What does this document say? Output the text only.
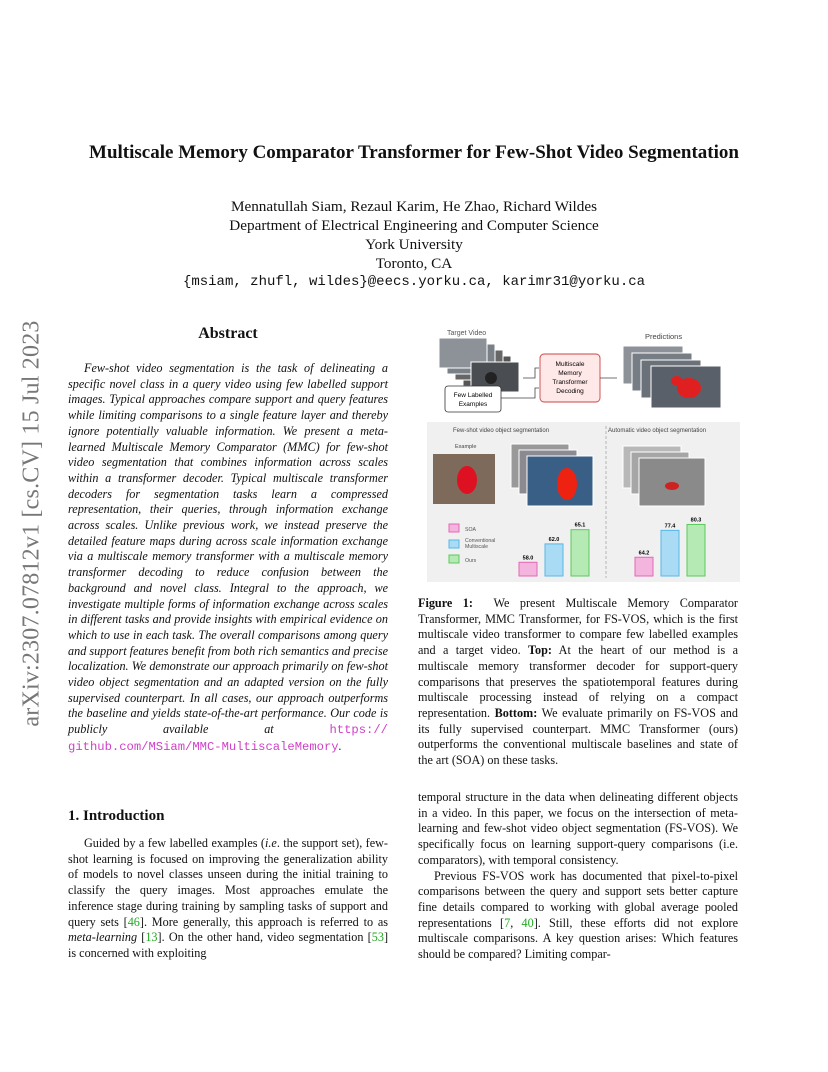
Multiscale Memory Comparator Transformer for Few-Shot Video Segmentation
Mennatullah Siam, Rezaul Karim, He Zhao, Richard Wildes
Department of Electrical Engineering and Computer Science
York University
Toronto, CA
{msiam, zhufl, wildes}@eecs.yorku.ca, karimr31@yorku.ca
arXiv:2307.07812v1 [cs.CV] 15 Jul 2023	Abstract
Few-shot video segmentation is the task of delineating a specific novel class in a query video using few labelled support images. Typical approaches compare support and query features while limiting comparisons to a single feature layer and thereby ignore potentially valuable information. We present a meta-learned Multiscale Memory Comparator (MMC) for few-shot video segmentation that combines information across scales within a transformer decoder. Typical multiscale transformer decoders for segmentation tasks learn a compressed representation, their queries, through information exchange across scales. Unlike previous work, we instead preserve the detailed feature maps during across scale information exchange via a multiscale memory transformer with a multiscale memory transformer decoding to reduce confusion between the background and novel class. Integral to the approach, we investigate multiple forms of information exchange across scales in different tasks and provide insights with empirical evidence on which to use in each task. The overall comparisons among query and support features benefit from both rich semantics and precise localization. We demonstrate our approach primarily on few-shot video object segmentation and an adapted version on the fully supervised counterpart. In all cases, our approach outperforms the baseline and yields state-of-the-art performance. Our code is publicly available at	https:// github.com/MSiam/MMC-MultiscaleMemory.
1. Introduction

Guided by a few labelled examples (i.e. the support set), few-shot learning is focused on improving the generalization ability of models to novel classes unseen during the initial training to classify the query images. Most approaches emulate the inference stage during training by sampling tasks of support and query sets [46]. More generally, this approach is referred to as meta-learning [13]. On the other hand, video segmentation [53] is concerned with exploiting

Target Video	Predictions
Few Labelled
Examples
Multiscale
Memory
Transformer
Decoding
Few-shot video object segmentation	Automatic video object segmentation
Example
SOA
Conventional
Multiscale
Ours	58.0
62.0
65.1
64.2
77.4
80.3
Figure 1: We present Multiscale Memory Comparator Transformer, MMC Transformer, for FS-VOS, which is the first multiscale video transformer to compare few labelled examples and a target video. Top: At the heart of our method is a multiscale memory transformer decoder for support-query comparisons that preserves the spatiotemporal features during multiscale processing instead of relying on a compact representation. Bottom: We evaluate primarily on FS-VOS and its fully supervised counterpart. MMC Transformer (ours) outperforms the conventional multiscale baselines and state of the art (SOA) on these tasks.

temporal structure in the data when delineating different objects in a video. In this paper, we focus on the intersection of meta-learning and few-shot video object segmentation (FS-VOS). We specifically focus on learning support-query comparisons (i.e. comparators), with temporal consistency.

Previous FS-VOS work has documented that pixel-to-pixel comparisons between the query and support sets better capture fine details compared to working with global average pooled representations [7, 40]. Still, these efforts did not explore multiscale comparisons. A key question arises: Which features should be compared? Limiting compar-
